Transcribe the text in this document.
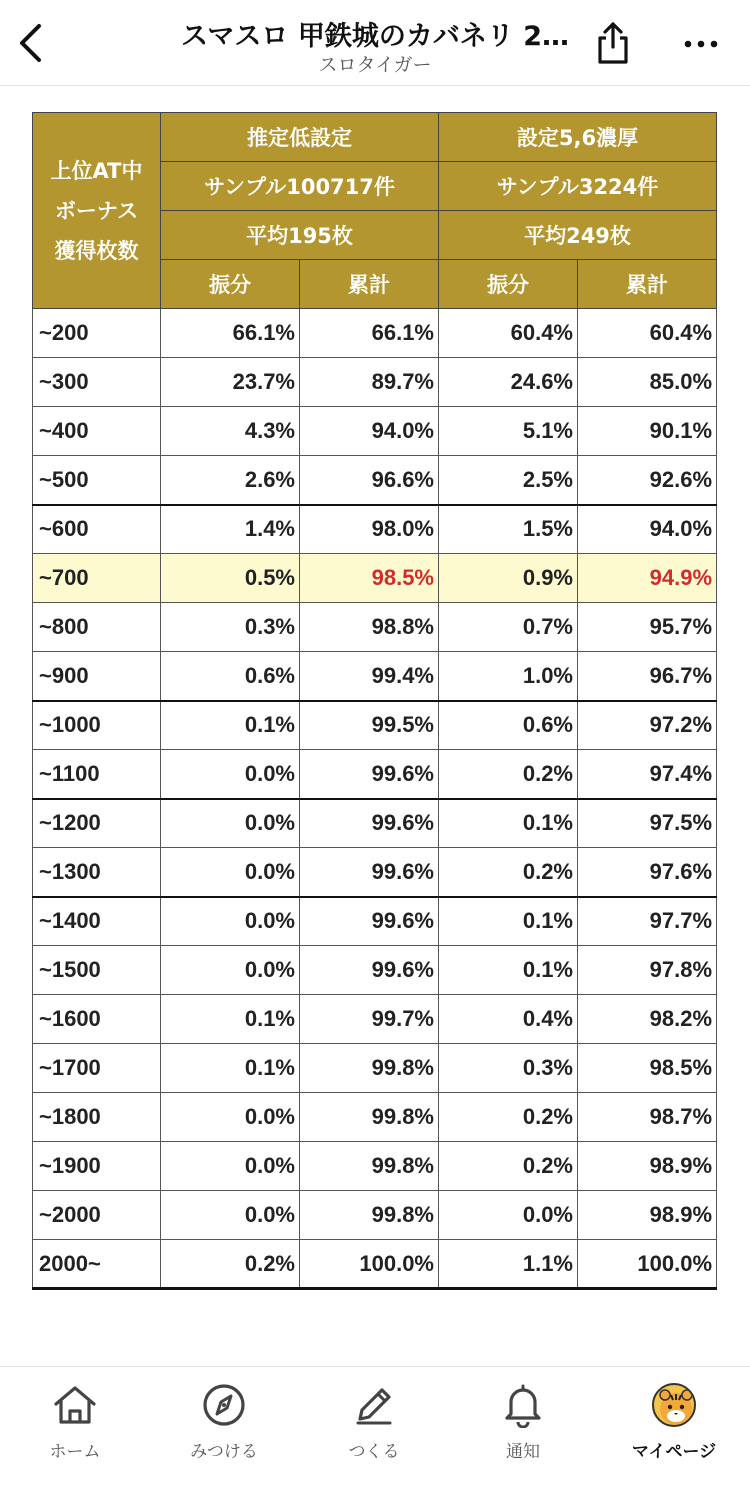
スマスロ 甲鉄城のカバネリ 2…
スロタイガー
上位AT中
ボーナス
獲得枚数	推定低設定		設定5,6濃厚	
	サンプル100717件		サンプル3224件	
	平均195枚		平均249枚	
	振分	累計	振分	累計
~200	66.1%	66.1%	60.4%	60.4%
~300	23.7%	89.7%	24.6%	85.0%
~400	4.3%	94.0%	5.1%	90.1%
~500	2.6%	96.6%	2.5%	92.6%
~600	1.4%	98.0%	1.5%	94.0%
~700	0.5%	98.5%	0.9%	94.9%
~800	0.3%	98.8%	0.7%	95.7%
~900	0.6%	99.4%	1.0%	96.7%
~1000	0.1%	99.5%	0.6%	97.2%
~1100	0.0%	99.6%	0.2%	97.4%
~1200	0.0%	99.6%	0.1%	97.5%
~1300	0.0%	99.6%	0.2%	97.6%
~1400	0.0%	99.6%	0.1%	97.7%
~1500	0.0%	99.6%	0.1%	97.8%
~1600	0.1%	99.7%	0.4%	98.2%
~1700	0.1%	99.8%	0.3%	98.5%
~1800	0.0%	99.8%	0.2%	98.7%
~1900	0.0%	99.8%	0.2%	98.9%
~2000	0.0%	99.8%	0.0%	98.9%
2000~	0.2%	100.0%	1.1%	100.0%
ホーム	みつける	つくる	通知	マイページ
